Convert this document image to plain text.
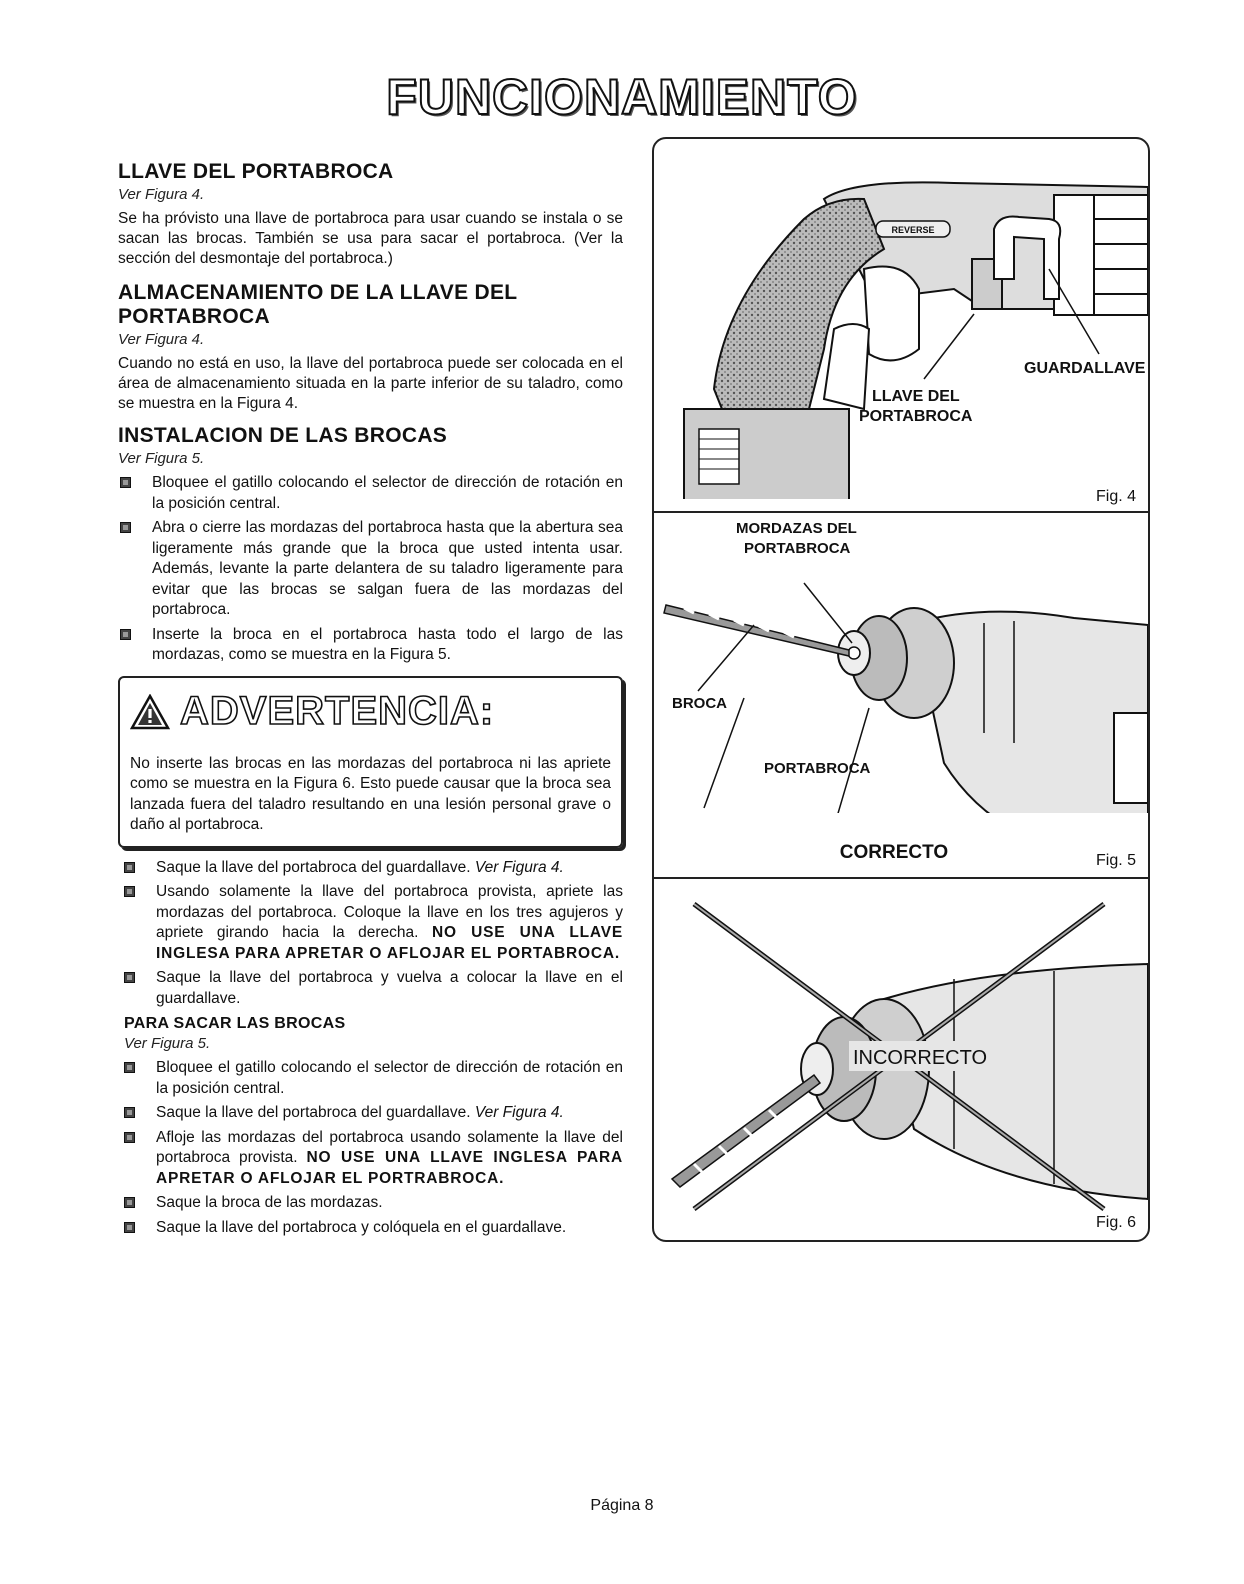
FUNCIONAMIENTO
LLAVE DEL PORTABROCA
Ver Figura 4.

Se ha próvisto una llave de portabroca para usar cuando se instala o se sacan las brocas. También se usa para sacar el portabroca. (Ver la sección del desmontaje del portabroca.)

ALMACENAMIENTO DE LA LLAVE DEL PORTABROCA
Ver Figura 4.

Cuando no está en uso, la llave del portabroca puede ser colocada en el área de almacenamiento situada en la parte inferior de su taladro, como se muestra en la Figura 4.

INSTALACION DE LAS BROCAS
Ver Figura 5.
Bloquee el gatillo colocando el selector de dirección de rotación en la posición central.
Abra o cierre las mordazas del portabroca hasta que la abertura sea ligeramente más grande que la broca que usted intenta usar. Además, levante la parte delantera de su taladro ligeramente para evitar que las brocas se salgan fuera de las mordazas del portabroca.
Inserte la broca en el portabroca hasta todo el largo de las mordazas, como se muestra en la Figura 5.
ADVERTENCIA:

No inserte las brocas en las mordazas del portabroca ni las apriete como se muestra en la Figura 6. Esto puede causar que la broca sea lanzada fuera del taladro resultando en una lesión personal grave o daño al portabroca.

Saque la llave del portabroca del guardallave. Ver Figura 4.
Usando solamente la llave del portabroca provista, apriete las mordazas del portabroca. Coloque la llave en los tres agujeros y apriete girando hacia la derecha. NO USE UNA LLAVE INGLESA PARA APRETAR O AFLOJAR EL PORTABROCA.
Saque la llave del portabroca y vuelva a colocar la llave en el guardallave.
PARA SACAR LAS BROCAS
Ver Figura 5.
Bloquee el gatillo colocando el selector de dirección de rotación en la posición central.
Saque la llave del portabroca del guardallave. Ver Figura 4.
Afloje las mordazas del portabroca usando solamente la llave del portabroca provista. NO USE UNA LLAVE INGLESA PARA APRETAR O AFLOJAR EL PORTRABROCA.
Saque la broca de las mordazas.
Saque la llave del portabroca y colóquela en el guardallave.
REVERSE
GUARDALLAVE
LLAVE DEL
PORTABROCA
Fig. 4
MORDAZAS DEL
PORTABROCA
BROCA
PORTABROCA
CORRECTO	Fig. 5
INCORRECTO
Fig. 6
Página 8
